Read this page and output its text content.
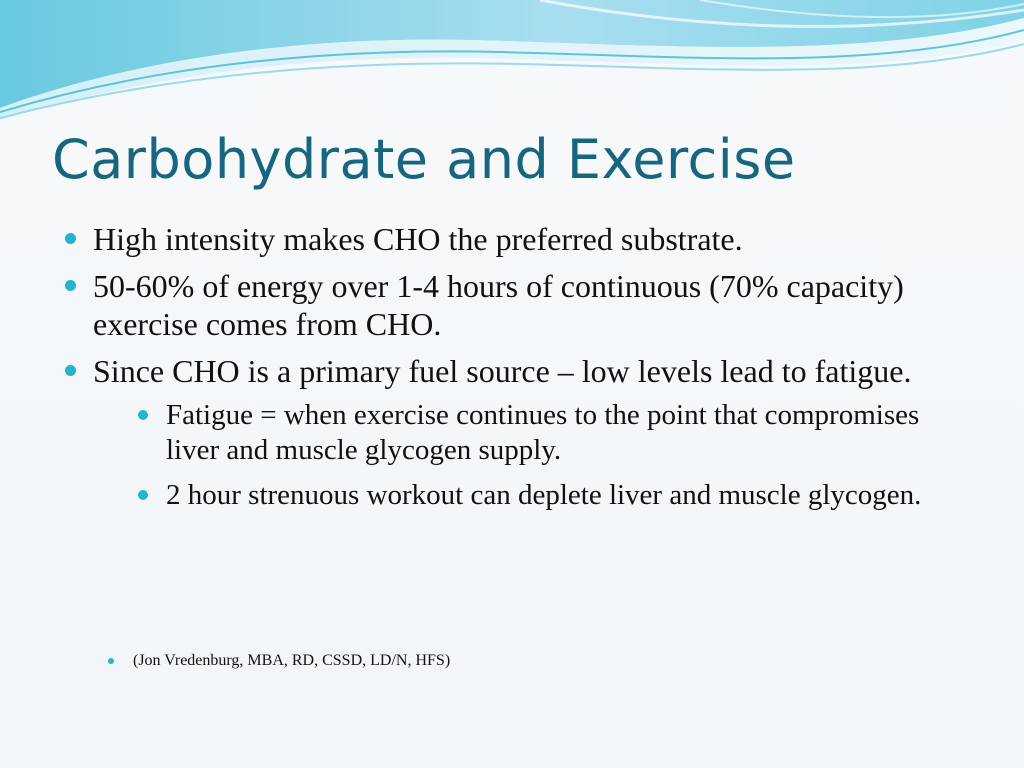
Carbohydrate and Exercise
High intensity makes CHO the preferred substrate.
50-60% of energy over 1-4 hours of continuous (70% capacity) exercise comes from CHO.
Since CHO is a primary fuel source – low levels lead to fatigue.
Fatigue = when exercise continues to the point that compromises liver and muscle glycogen supply.
2 hour strenuous workout can deplete liver and muscle glycogen.
(Jon Vredenburg, MBA, RD, CSSD, LD/N, HFS)
